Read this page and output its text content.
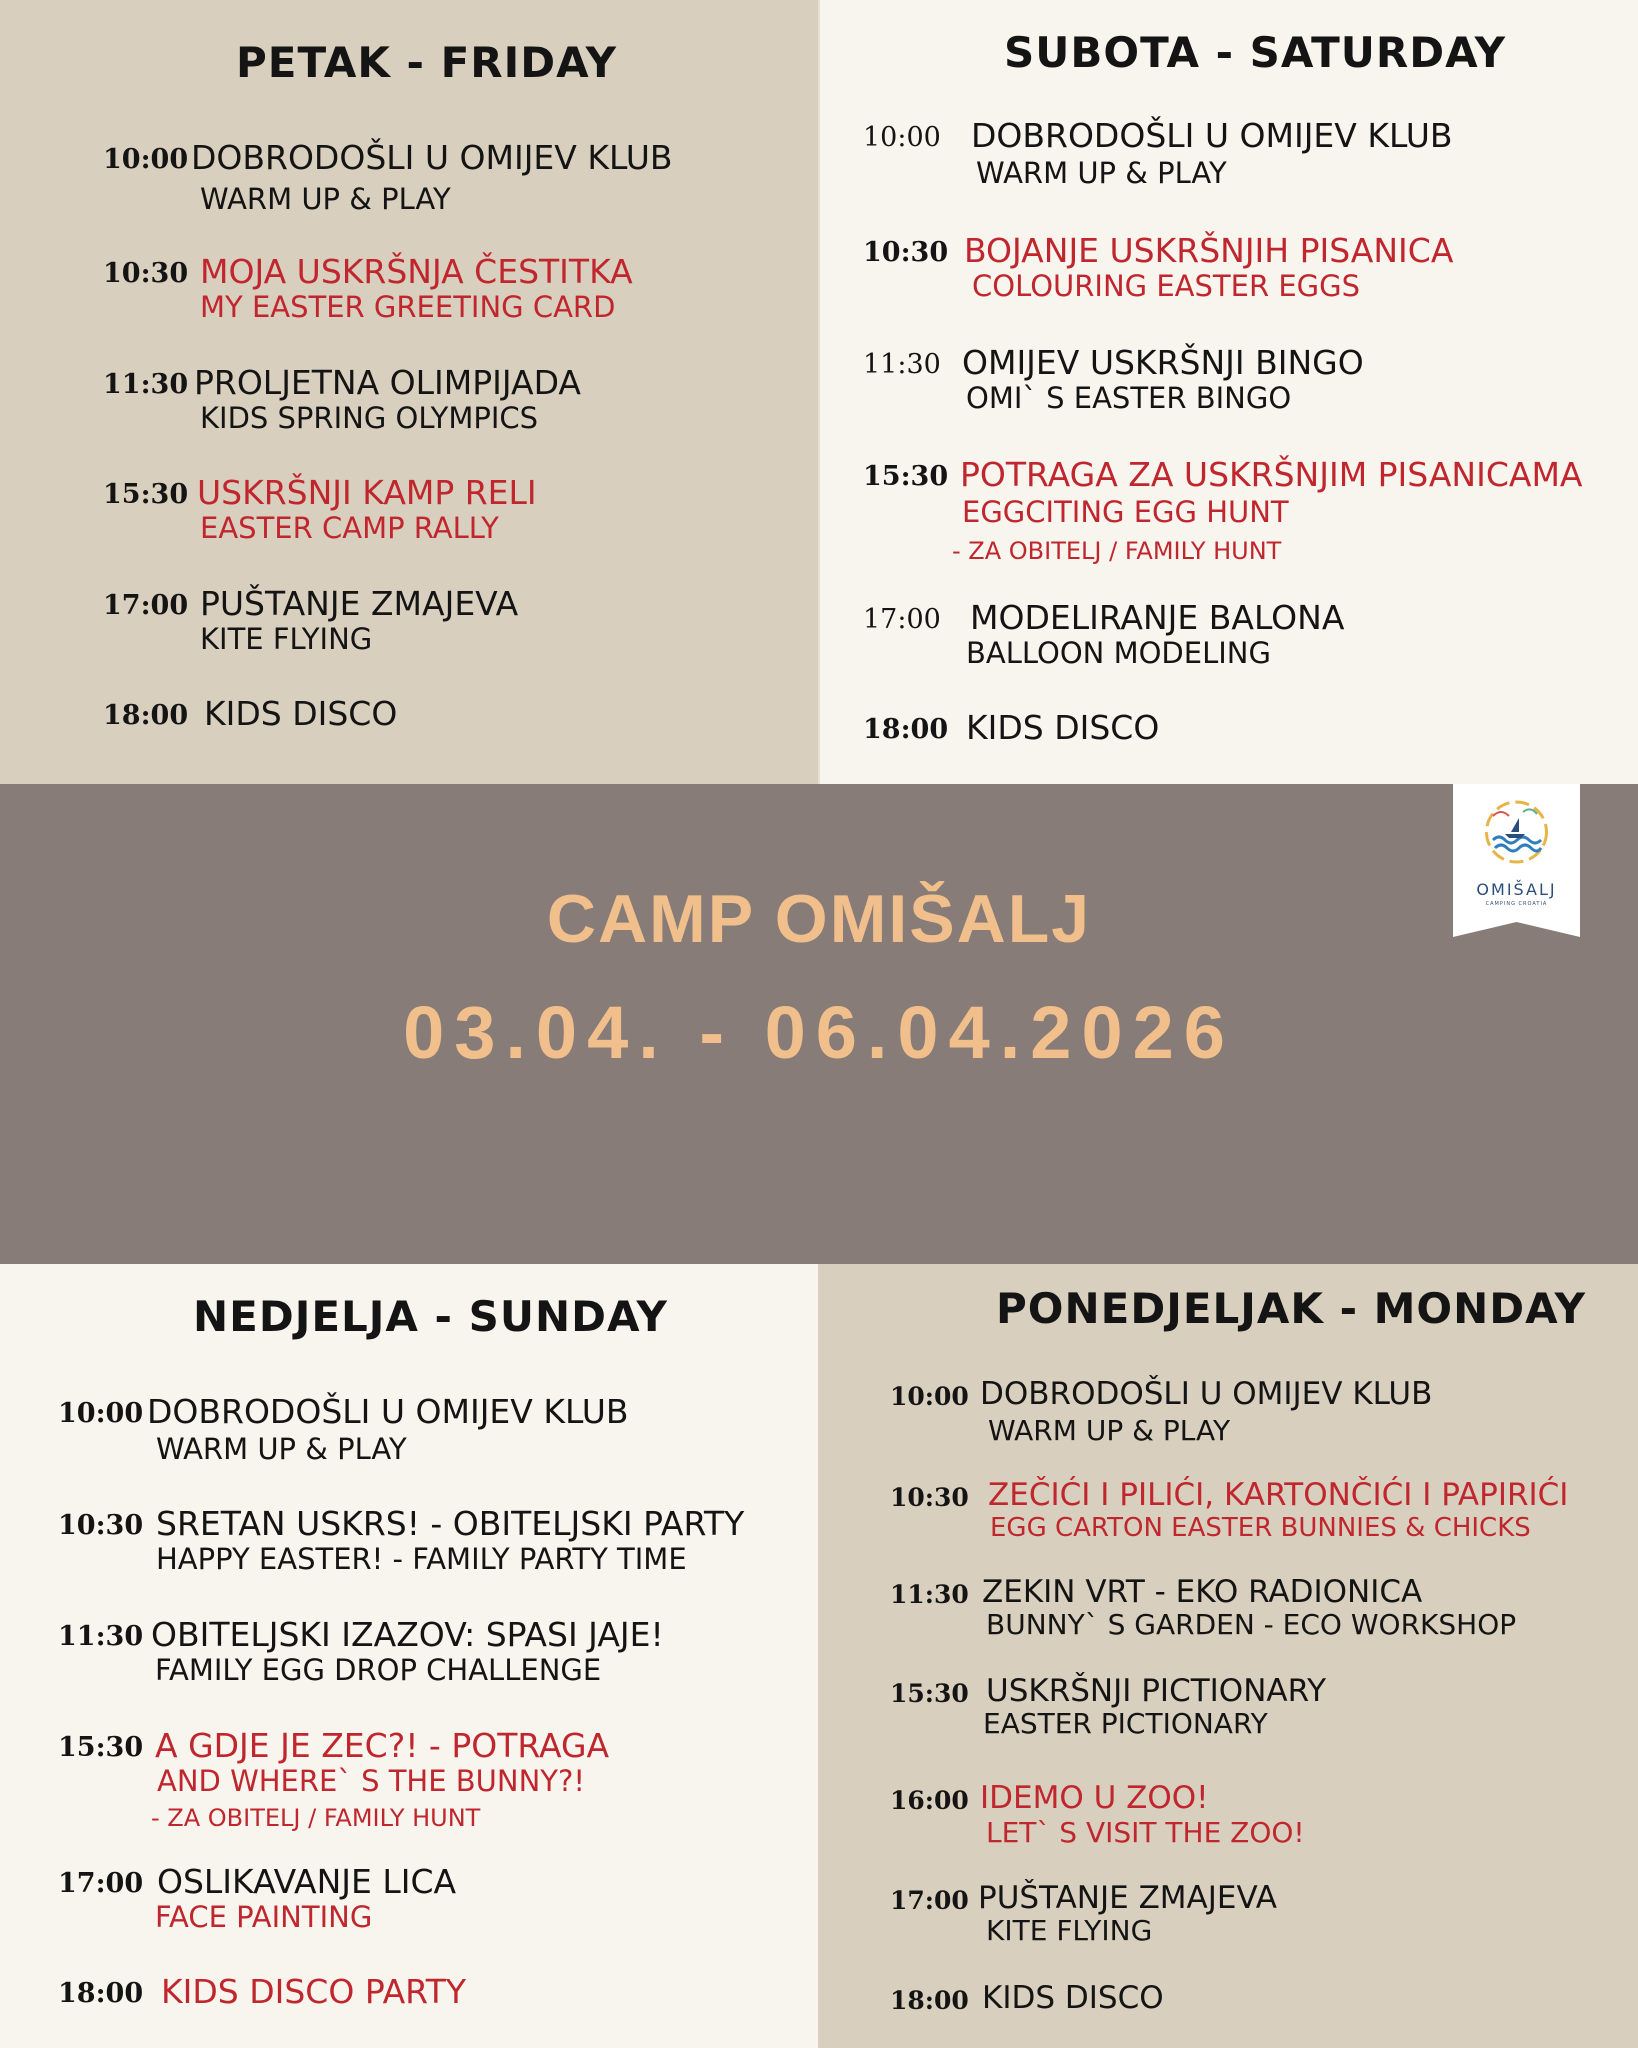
PETAK - FRIDAY
10:00 DOBRODOŠLI U OMIJEV KLUB
WARM UP & PLAY
10:30 MOJA USKRŠNJA ČESTITKA
MY EASTER GREETING CARD
11:30 PROLJETNA OLIMPIJADA
KIDS SPRING OLYMPICS
15:30 USKRŠNJI KAMP RELI
EASTER CAMP RALLY
17:00 PUŠTANJE ZMAJEVA
KITE FLYING
18:00 KIDS DISCO
SUBOTA - SATURDAY
10:00 DOBRODOŠLI U OMIJEV KLUB
WARM UP & PLAY
10:30 BOJANJE USKRŠNJIH PISANICA
COLOURING EASTER EGGS
11:30 OMIJEV USKRŠNJI BINGO
OMI` S EASTER BINGO
15:30 POTRAGA ZA USKRŠNJIM PISANICAMA
EGGCITING EGG HUNT
- ZA OBITELJ / FAMILY HUNT
17:00 MODELIRANJE BALONA
BALLOON MODELING
18:00 KIDS DISCO
CAMP OMIŠALJ
03.04. - 06.04.2026
OMIŠALJ
CAMPING CROATIA
NEDJELJA - SUNDAY
10:00 DOBRODOŠLI U OMIJEV KLUB
WARM UP & PLAY
10:30 SRETAN USKRS! - OBITELJSKI PARTY
HAPPY EASTER! - FAMILY PARTY TIME
11:30 OBITELJSKI IZAZOV: SPASI JAJE!
FAMILY EGG DROP CHALLENGE
15:30 A GDJE JE ZEC?! - POTRAGA
AND WHERE` S THE BUNNY?!
- ZA OBITELJ / FAMILY HUNT
17:00 OSLIKAVANJE LICA
FACE PAINTING
18:00 KIDS DISCO PARTY
PONEDJELJAK - MONDAY
10:00 DOBRODOŠLI U OMIJEV KLUB
WARM UP & PLAY
10:30 ZEČIĆI I PILIĆI, KARTONČIĆI I PAPIRIĆI
EGG CARTON EASTER BUNNIES & CHICKS
11:30 ZEKIN VRT - EKO RADIONICA
BUNNY` S GARDEN - ECO WORKSHOP
15:30 USKRŠNJI PICTIONARY
EASTER PICTIONARY
16:00 IDEMO U ZOO!
LET` S VISIT THE ZOO!
17:00 PUŠTANJE ZMAJEVA
KITE FLYING
18:00 KIDS DISCO
